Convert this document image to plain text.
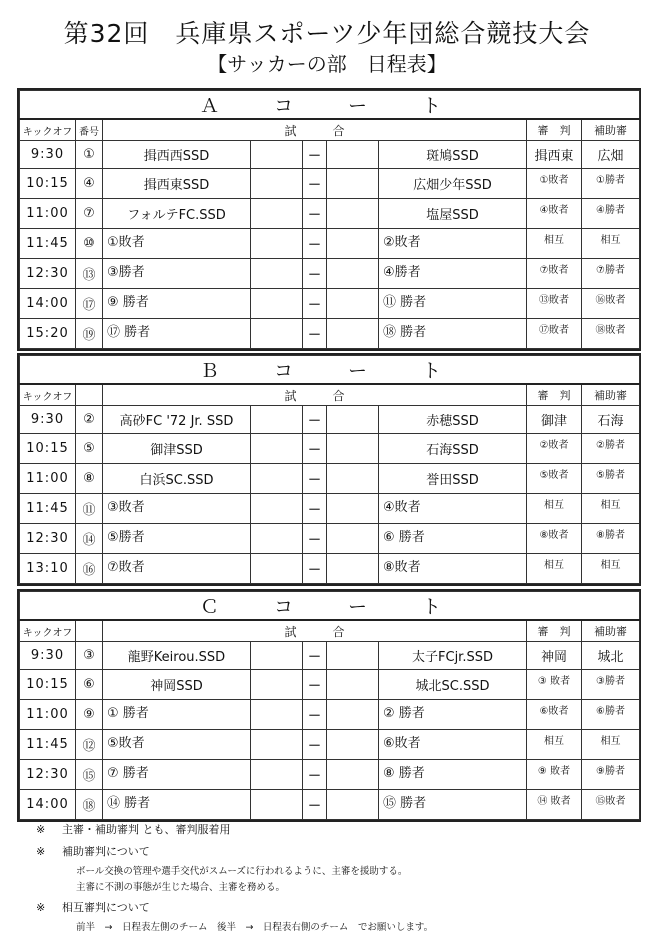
第32回　兵庫県スポーツ少年団総合競技大会
【サッカーの部　日程表】
Ａ　コ　ー　ト								
キックオフ	番号	試　　　合					審　判	補助審
9:30	①	揖西西SSD		－		斑鳩SSD	揖西東	広畑
10:15	④	揖西東SSD		－		広畑少年SSD	①敗者	①勝者
11:00	⑦	フォルテFC.SSD		－		塩屋SSD	④敗者	④勝者
11:45	⑩	①敗者		－		②敗者	相互	相互
12:30	⑬	③勝者		－		④勝者	⑦敗者	⑦勝者
14:00	⑰	⑨ 勝者		－		⑪ 勝者	⑬敗者	⑯敗者
15:20	⑲	⑰ 勝者		－		⑱ 勝者	⑰敗者	⑱敗者
Ｂ　コ　ー　ト								
キックオフ		試　　　合					審　判	補助審
9:30	②	高砂FC '72 Jr. SSD		－		赤穂SSD	御津	石海
10:15	⑤	御津SSD		－		石海SSD	②敗者	②勝者
11:00	⑧	白浜SC.SSD		－		誉田SSD	⑤敗者	⑤勝者
11:45	⑪	③敗者		－		④敗者	相互	相互
12:30	⑭	⑤勝者		－		⑥ 勝者	⑧敗者	⑧勝者
13:10	⑯	⑦敗者		－		⑧敗者	相互	相互
Ｃ　コ　ー　ト								
キックオフ		試　　　合					審　判	補助審
9:30	③	龍野Keirou.SSD		－		太子FCjr.SSD	神岡	城北
10:15	⑥	神岡SSD		－		城北SC.SSD	③ 敗者	③勝者
11:00	⑨	① 勝者		－		② 勝者	⑥敗者	⑥勝者
11:45	⑫	⑤敗者		－		⑥敗者	相互	相互
12:30	⑮	⑦ 勝者		－		⑧ 勝者	⑨ 敗者	⑨勝者
14:00	⑱	⑭ 勝者		－		⑮ 勝者	⑭ 敗者	⑮敗者
※	主審・補助審判 とも、審判服着用
※	補助審判について
ボール交換の管理や選手交代がスムーズに行われるように、主審を援助する。
主審に不測の事態が生じた場合、主審を務める。
※	相互審判について
前半　→　日程表左側のチーム　後半　→　日程表右側のチーム　でお願いします。
